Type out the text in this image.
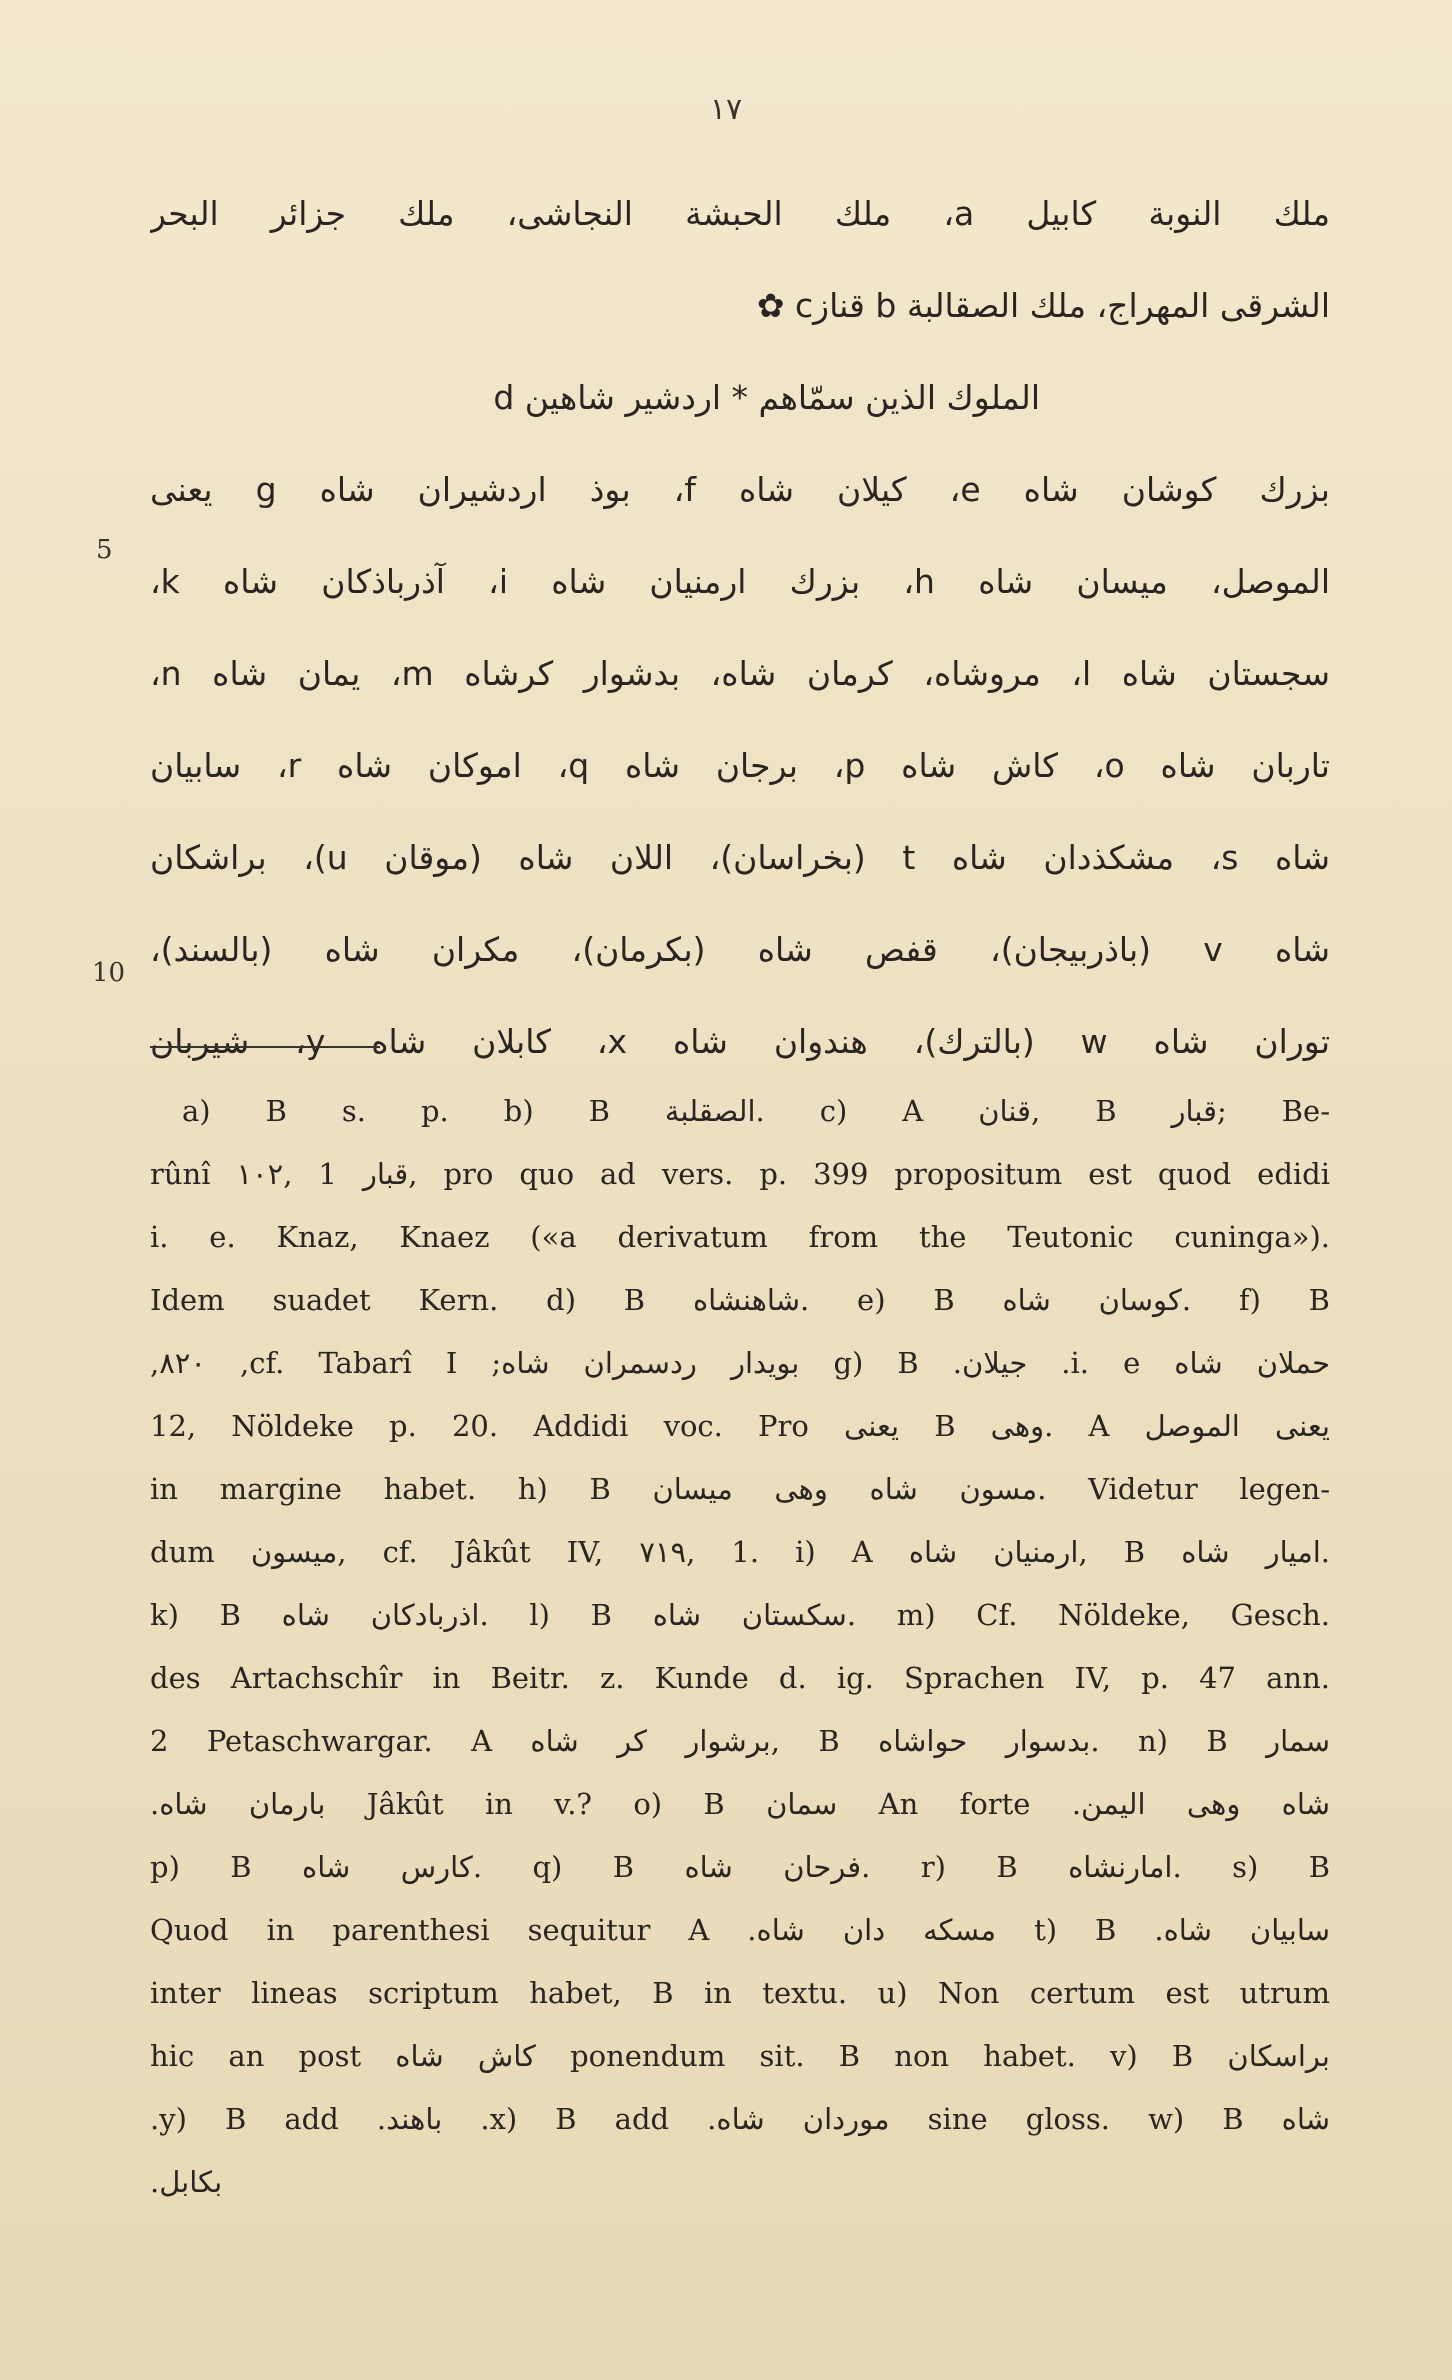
١٧
5
10
ملك النوبة كابيل a، ملك الحبشة النجاشى، ملك جزائر البحر
الشرقى المهراج، ملك الصقالبة b قنازc ✿
الملوك الذين سمّاهم * اردشير شاهين d
بزرك كوشان شاه e، كيلان شاه f، بوذ اردشيران شاه g يعنى
الموصل، ميسان شاه h، بزرك ارمنيان شاه i، آذرباذكان شاه k،
سجستان شاه l، مروشاه، كرمان شاه، بدشوار كرشاه m، يمان شاه n،
تاربان شاه o، كاش شاه p، برجان شاه q، اموكان شاه r، سابيان
شاه s، مشكذدان شاه t (بخراسان)، اللان شاه (موقان u)، براشكان
شاه v (باذربيجان)، قفص شاه (بكرمان)، مكران شاه (بالسند)،
توران شاه w (بالترك)، هندوان شاه x، كابلان شاه y، شيربان
a) B s. p. b) B الصقلبة. c) A قنان, B قبار; Be-
rûnî ١٠٢, 1 قبار, pro quo ad vers. p. 399 propositum est quod edidi
i. e. Knaz, Knaez («a derivatum from the Teutonic cuninga»).
Idem suadet Kern. d) B شاهنشاه. e) B كوسان شاه. f) B
حملان شاه i. e. جيلان. g) B بويدار ردسمران شاه; cf. Tabarî I, ٨٢٠,
12, Nöldeke p. 20. Addidi voc. Pro يعنى B وهى. A يعنى الموصل
in margine habet. h) B مسون شاه وهى ميسان. Videtur legen-
dum ميسون, cf. Jâkût IV, ٧١٩, 1. i) A ارمنيان شاه, B اميار شاه.
k) B اذربادكان شاه. l) B سكستان شاه. m) Cf. Nöldeke, Gesch.
des Artachschîr in Beitr. z. Kunde d. ig. Sprachen IV, p. 47 ann.
2 Petaschwargar. A برشوار كر شاه, B بدسوار حواشاه. n) B سمار
شاه وهى اليمن. An forte سمان Jâkût in v.? o) B بارمان شاه.
p) B كارس شاه. q) B فرحان شاه. r) B امارنشاه. s) B
سابيان شاه. t) B مسكه دان شاه. Quod in parenthesi sequitur A
inter lineas scriptum habet, B in textu. u) Non certum est utrum
hic an post كاش شاه ponendum sit. B non habet. v) B براسكان
شاه sine gloss. w) B موردان شاه. x) B add. باهند. y) B add.
بكابل.
